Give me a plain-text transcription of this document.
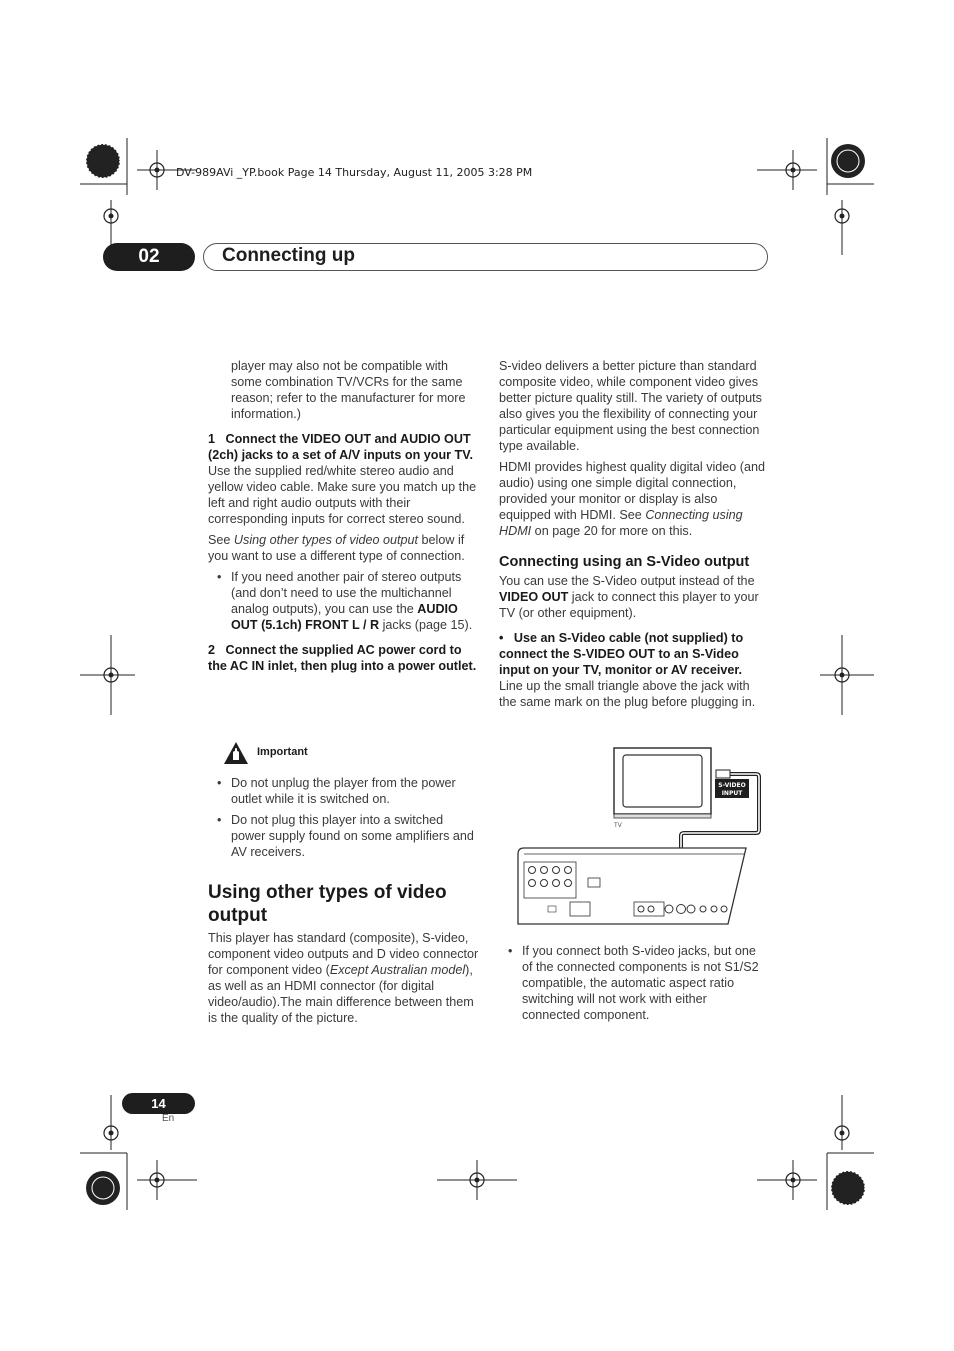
DV-989AVi _YP.book Page 14 Thursday, August 11, 2005 3:28 PM
02	Connecting up

player may also not be compatible with some combination TV/VCRs for the same reason; refer to the manufacturer for more information.)

1 Connect the VIDEO OUT and AUDIO OUT (2ch) jacks to a set of A/V inputs on your TV.

Use the supplied red/white stereo audio and yellow video cable. Make sure you match up the left and right audio outputs with their corresponding inputs for correct stereo sound.

See Using other types of video output below if you want to use a different type of connection.

• If you need another pair of stereo outputs (and don’t need to use the multichannel analog outputs), you can use the AUDIO OUT (5.1ch) FRONT L / R jacks (page 15).

2 Connect the supplied AC power cord to the AC IN inlet, then plug into a power outlet.

Important

• Do not unplug the player from the power outlet while it is switched on.

• Do not plug this player into a switched power supply found on some amplifiers and AV receivers.

Using other types of video output

This player has standard (composite), S-video, component video outputs and D video connector for component video (Except Australian model), as well as an HDMI connector (for digital video/audio).The main difference between them is the quality of the picture.

S-video delivers a better picture than standard composite video, while component video gives better picture quality still. The variety of outputs also gives you the flexibility of connecting your particular equipment using the best connection type available.

HDMI provides highest quality digital video (and audio) using one simple digital connection, provided your monitor or display is also equipped with HDMI. See Connecting using HDMI on page 20 for more on this.

Connecting using an S-Video output

You can use the S-Video output instead of the VIDEO OUT jack to connect this player to your TV (or other equipment).

•   Use an S-Video cable (not supplied) to connect the S-VIDEO OUT to an S-Video input on your TV, monitor or AV receiver.

Line up the small triangle above the jack with the same mark on the plug before plugging in.

TV
S-VIDEO
INPUT

• If you connect both S-video jacks, but one of the connected components is not S1/S2 compatible, the automatic aspect ratio switching will not work with either connected component.

14
En
